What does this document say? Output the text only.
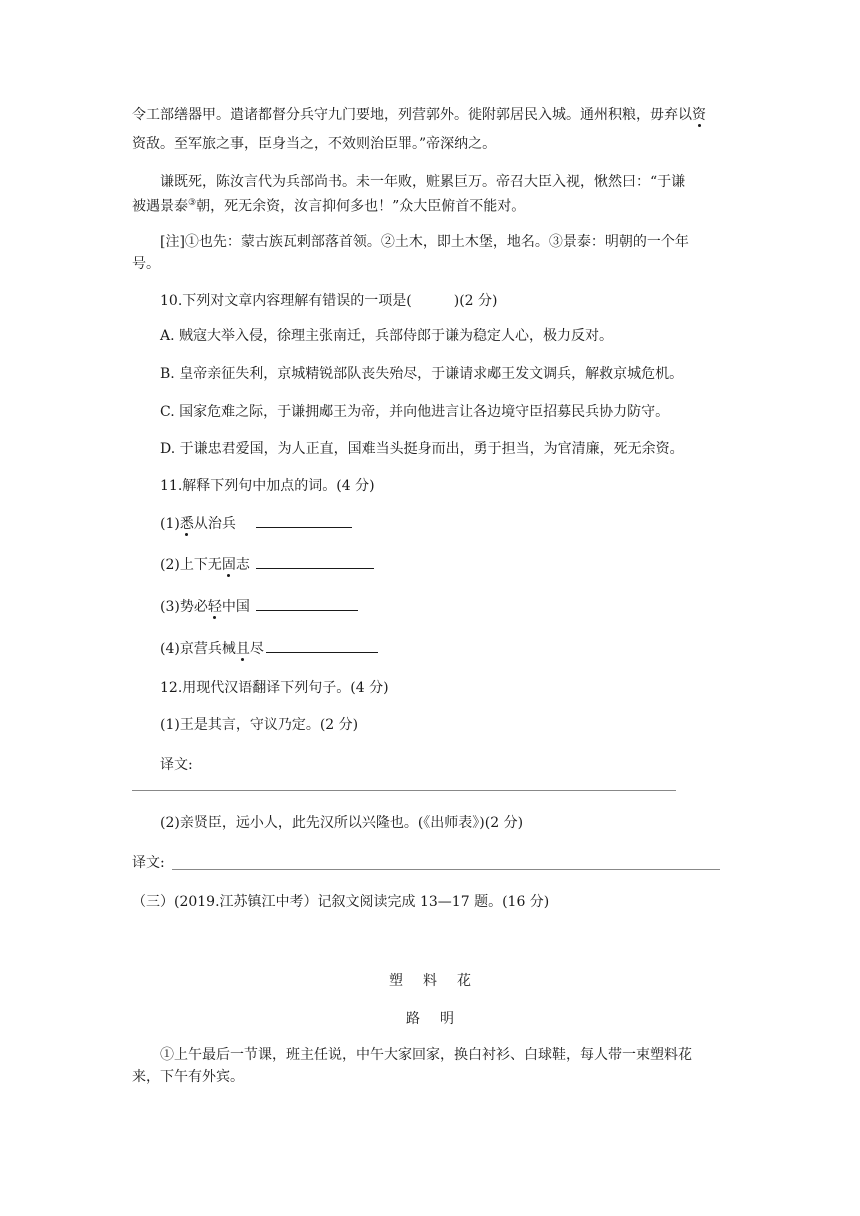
令工部缮器甲。遣诸都督分兵守九门要地，列营郭外。徙附郭居民入城。通州积粮，毋弃以资
资敌。至军旅之事，臣身当之，不效则治臣罪。”帝深纳之。
谦既死，陈汝言代为兵部尚书。未一年败，赃累巨万。帝召大臣入视，愀然曰：“于谦
被遇景泰③朝，死无余资，汝言抑何多也！”众大臣俯首不能对。
[注]①也先：蒙古族瓦剌部落首领。②土木，即土木堡，地名。③景泰：明朝的一个年
号。
10.下列对文章内容理解有错误的一项是(	)(2 分)
A. 贼寇大举入侵，徐理主张南迁，兵部侍郎于谦为稳定人心，极力反对。
B. 皇帝亲征失利，京城精锐部队丧失殆尽，于谦请求郕王发文调兵，解救京城危机。
C. 国家危难之际，于谦拥郕王为帝，并向他进言让各边境守臣招募民兵协力防守。
D. 于谦忠君爱国，为人正直，国难当头挺身而出，勇于担当，为官清廉，死无余资。
11.解释下列句中加点的词。(4 分)
(1)悉从治兵
(2)上下无固志
(3)势必轻中国
(4)京营兵械且尽
12.用现代汉语翻译下列句子。(4 分)
(1)王是其言，守议乃定。(2 分)
译文:
(2)亲贤臣，远小人，此先汉所以兴隆也。(《出师表》)(2 分)
译文:
（三）(2019.江苏镇江中考）记叙文阅读完成 13—17 题。(16 分)
塑料花
路明
①上午最后一节课，班主任说，中午大家回家，换白衬衫、白球鞋，每人带一束塑料花
来，下午有外宾。
